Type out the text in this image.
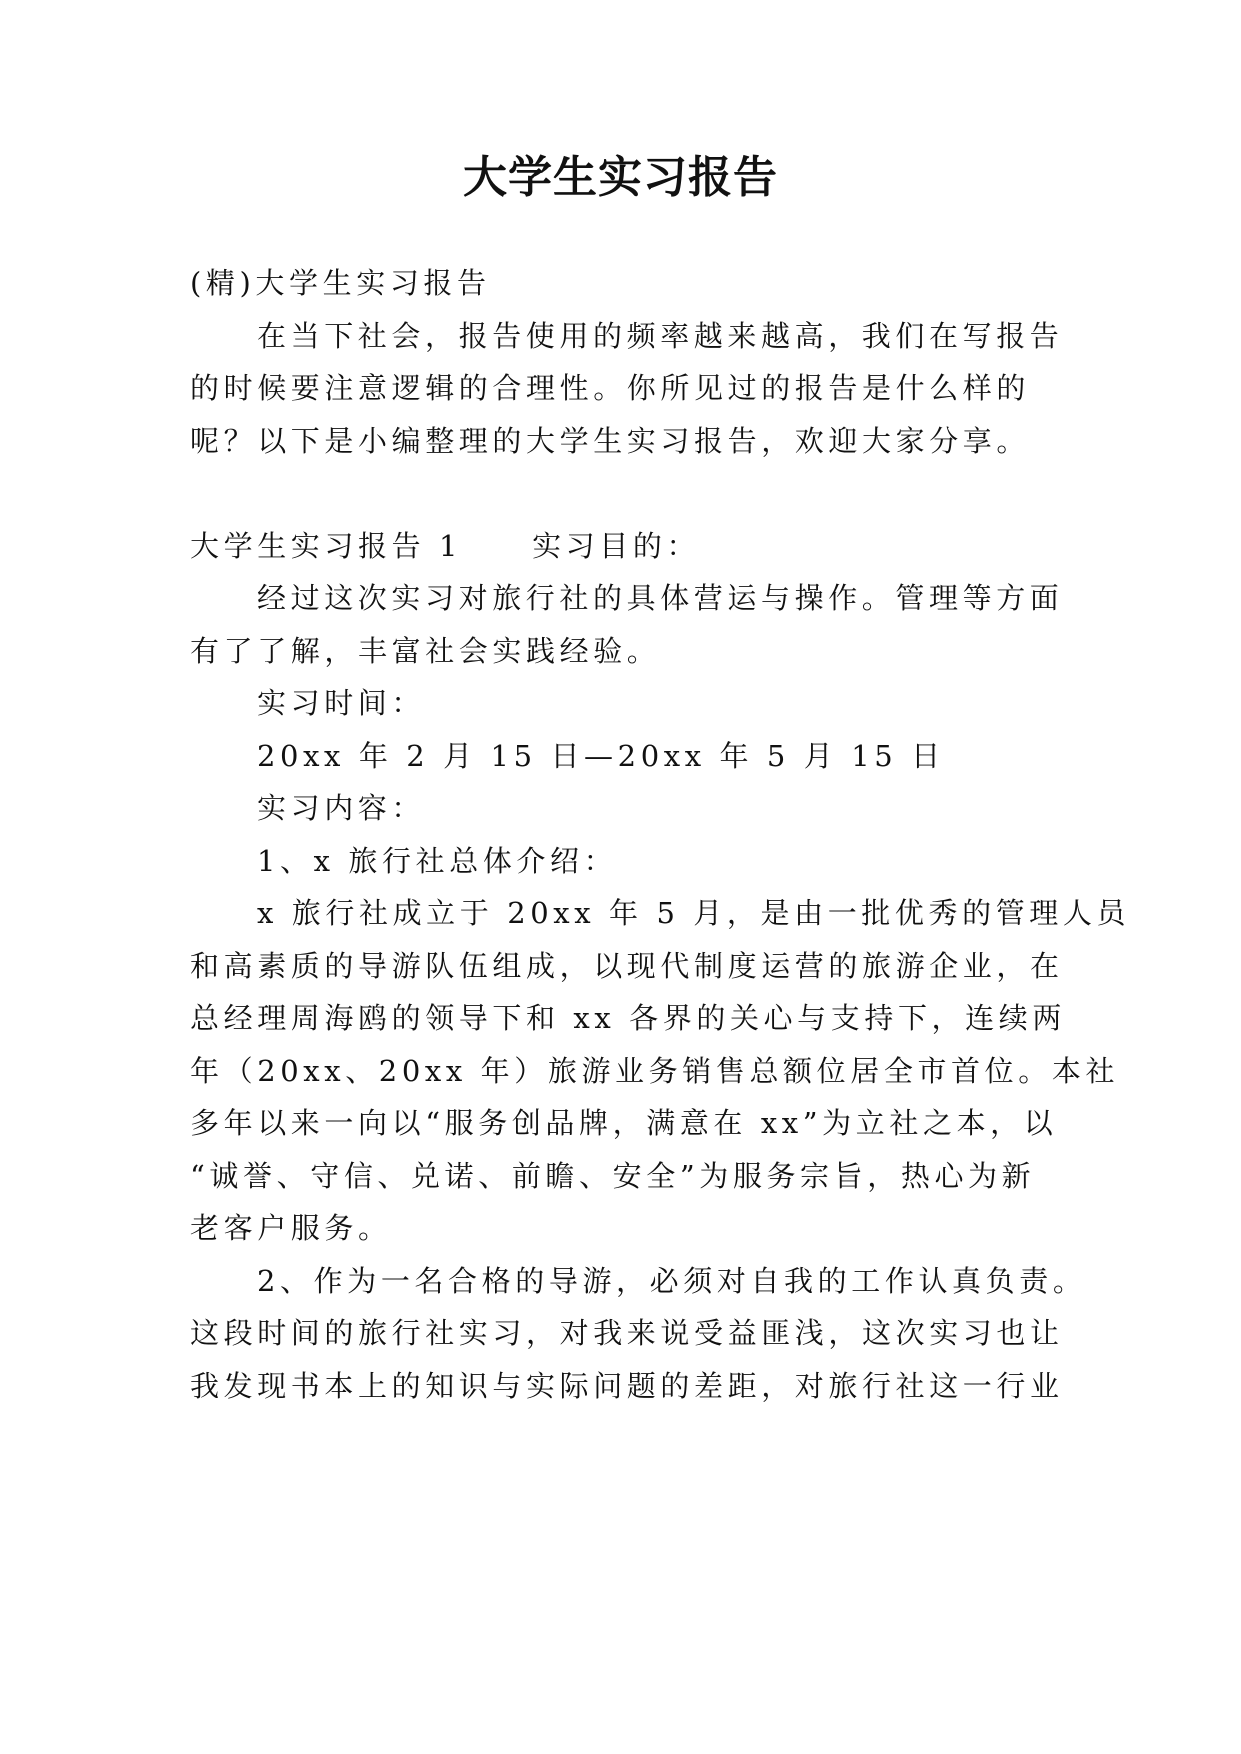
大学生实习报告
(精)大学生实习报告
在当下社会，报告使用的频率越来越高，我们在写报告
的时候要注意逻辑的合理性。你所见过的报告是什么样的
呢？以下是小编整理的大学生实习报告，欢迎大家分享。
大学生实习报告 1 实习目的：
经过这次实习对旅行社的具体营运与操作。管理等方面
有了了解，丰富社会实践经验。
实习时间：
20xx 年 2 月 15 日—20xx 年 5 月 15 日
实习内容：
1、x 旅行社总体介绍：
x 旅行社成立于 20xx 年 5 月，是由一批优秀的管理人员
和高素质的导游队伍组成，以现代制度运营的旅游企业，在
总经理周海鸥的领导下和 xx 各界的关心与支持下，连续两
年（20xx、20xx 年）旅游业务销售总额位居全市首位。本社
多年以来一向以“服务创品牌，满意在 xx”为立社之本，以
“诚誉、守信、兑诺、前瞻、安全”为服务宗旨，热心为新
老客户服务。
2、作为一名合格的导游，必须对自我的工作认真负责。
这段时间的旅行社实习，对我来说受益匪浅，这次实习也让
我发现书本上的知识与实际问题的差距，对旅行社这一行业
